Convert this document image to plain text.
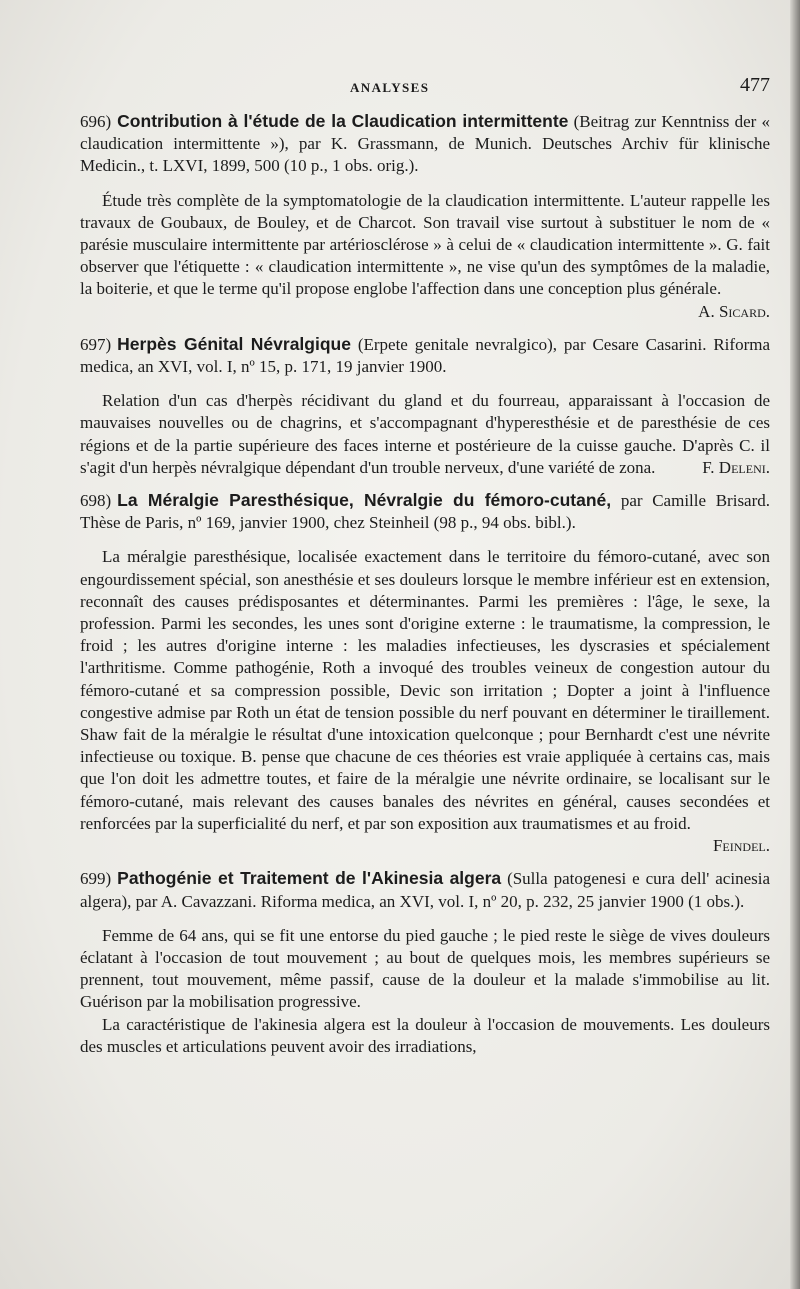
ANALYSES	477

696) Contribution à l'étude de la Claudication intermittente (Beitrag zur Kenntniss der « claudication intermittente »), par K. Grassmann, de Munich. Deutsches Archiv für klinische Medicin., t. LXVI, 1899, 500 (10 p., 1 obs. orig.).

Étude très complète de la symptomatologie de la claudication intermittente. L'auteur rappelle les travaux de Goubaux, de Bouley, et de Charcot. Son travail vise surtout à substituer le nom de « parésie musculaire intermittente par artériosclérose » à celui de « claudication intermittente ». G. fait observer que l'étiquette : « claudication intermittente », ne vise qu'un des symptômes de la maladie, la boiterie, et que le terme qu'il propose englobe l'affection dans une conception plus générale.
A. Sicard.

697) Herpès Génital Névralgique (Erpete genitale nevralgico), par Cesare Casarini. Riforma medica, an XVI, vol. I, nº 15, p. 171, 19 janvier 1900.

Relation d'un cas d'herpès récidivant du gland et du fourreau, apparaissant à l'occasion de mauvaises nouvelles ou de chagrins, et s'accompagnant d'hyperesthésie et de paresthésie de ces régions et de la partie supérieure des faces interne et postérieure de la cuisse gauche. D'après C. il s'agit d'un herpès névralgique dépendant d'un trouble nerveux, d'une variété de zona.	F. Deleni.

698) La Méralgie Paresthésique, Névralgie du fémoro-cutané, par Camille Brisard. Thèse de Paris, nº 169, janvier 1900, chez Steinheil (98 p., 94 obs. bibl.).

La méralgie paresthésique, localisée exactement dans le territoire du fémoro-cutané, avec son engourdissement spécial, son anesthésie et ses douleurs lorsque le membre inférieur est en extension, reconnaît des causes prédisposantes et déterminantes. Parmi les premières : l'âge, le sexe, la profession. Parmi les secondes, les unes sont d'origine externe : le traumatisme, la compression, le froid ; les autres d'origine interne : les maladies infectieuses, les dyscrasies et spécialement l'arthritisme. Comme pathogénie, Roth a invoqué des troubles veineux de congestion autour du fémoro-cutané et sa compression possible, Devic son irritation ; Dopter a joint à l'influence congestive admise par Roth un état de tension possible du nerf pouvant en déterminer le tiraillement. Shaw fait de la méralgie le résultat d'une intoxication quelconque ; pour Bernhardt c'est une névrite infectieuse ou toxique. B. pense que chacune de ces théories est vraie appliquée à certains cas, mais que l'on doit les admettre toutes, et faire de la méralgie une névrite ordinaire, se localisant sur le fémoro-cutané, mais relevant des causes banales des névrites en général, causes secondées et renforcées par la superficialité du nerf, et par son exposition aux traumatismes et au froid.
Feindel.

699) Pathogénie et Traitement de l'Akinesia algera (Sulla patogenesi e cura dell' acinesia algera), par A. Cavazzani. Riforma medica, an XVI, vol. I, nº 20, p. 232, 25 janvier 1900 (1 obs.).

Femme de 64 ans, qui se fit une entorse du pied gauche ; le pied reste le siège de vives douleurs éclatant à l'occasion de tout mouvement ; au bout de quelques mois, les membres supérieurs se prennent, tout mouvement, même passif, cause de la douleur et la malade s'immobilise au lit. Guérison par la mobilisation progressive.

La caractéristique de l'akinesia algera est la douleur à l'occasion de mouvements. Les douleurs des muscles et articulations peuvent avoir des irradiations,
